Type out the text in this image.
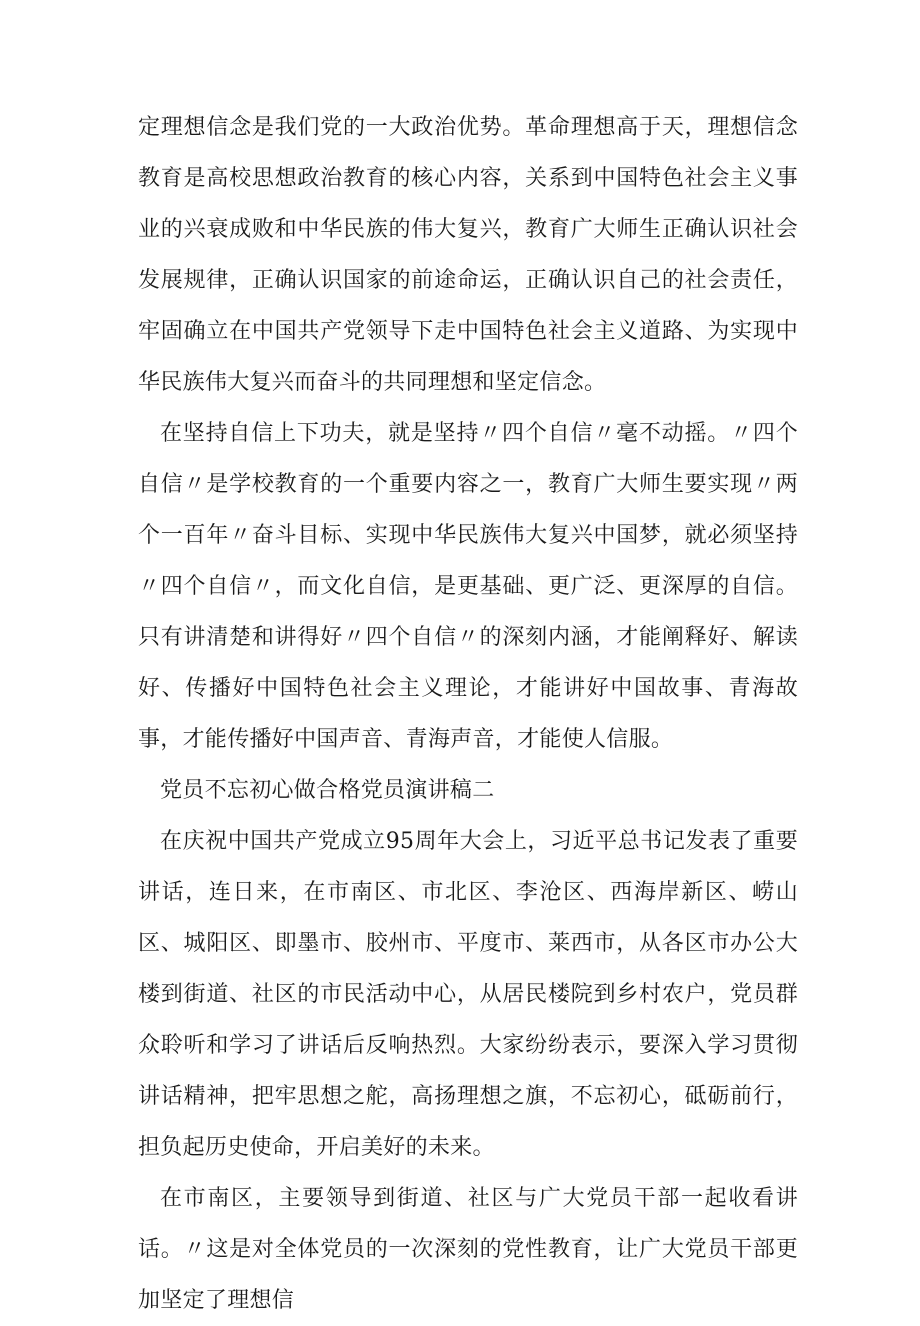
定理想信念是我们党的一大政治优势。革命理想高于天，理想信念教育是高校思想政治教育的核心内容，关系到中国特色社会主义事业的兴衰成败和中华民族的伟大复兴，教育广大师生正确认识社会发展规律，正确认识国家的前途命运，正确认识自己的社会责任，牢固确立在中国共产党领导下走中国特色社会主义道路、为实现中华民族伟大复兴而奋斗的共同理想和坚定信念。

在坚持自信上下功夫，就是坚持〃四个自信〃毫不动摇。〃四个自信〃是学校教育的一个重要内容之一，教育广大师生要实现〃两个一百年〃奋斗目标、实现中华民族伟大复兴中国梦，就必须坚持〃四个自信〃，而文化自信，是更基础、更广泛、更深厚的自信。只有讲清楚和讲得好〃四个自信〃的深刻内涵，才能阐释好、解读好、传播好中国特色社会主义理论，才能讲好中国故事、青海故事，才能传播好中国声音、青海声音，才能使人信服。

党员不忘初心做合格党员演讲稿二

在庆祝中国共产党成立95周年大会上，习近平总书记发表了重要讲话，连日来，在市南区、市北区、李沧区、西海岸新区、崂山区、城阳区、即墨市、胶州市、平度市、莱西市，从各区市办公大楼到街道、社区的市民活动中心，从居民楼院到乡村农户，党员群众聆听和学习了讲话后反响热烈。大家纷纷表示，要深入学习贯彻讲话精神，把牢思想之舵，高扬理想之旗，不忘初心，砥砺前行，担负起历史使命，开启美好的未来。

在市南区，主要领导到街道、社区与广大党员干部一起收看讲话。〃这是对全体党员的一次深刻的党性教育，让广大党员干部更加坚定了理想信
